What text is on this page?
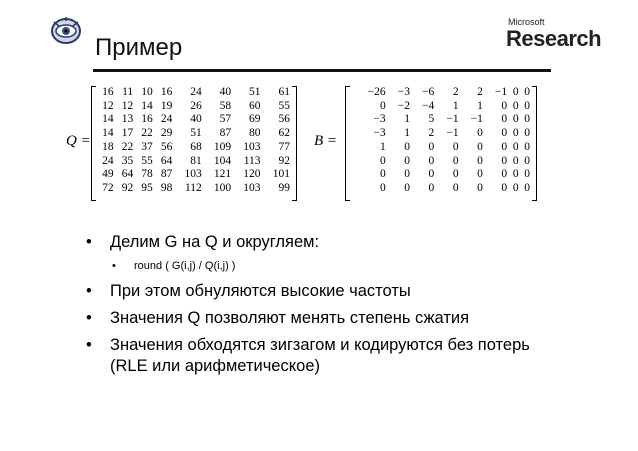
Пример
Microsoft
Research
Q =
16	11	10	16	24	40	51	61
12	12	14	19	26	58	60	55
14	13	16	24	40	57	69	56
14	17	22	29	51	87	80	62
18	22	37	56	68	109	103	77
24	35	55	64	81	104	113	92
49	64	78	87	103	121	120	101
72	92	95	98	112	100	103	99
B =
−26	−3	−6	2	2	−1	0	0
0	−2	−4	1	1	0	0	0
−3	1	5	−1	−1	0	0	0
−3	1	2	−1	0	0	0	0
1	0	0	0	0	0	0	0
0	0	0	0	0	0	0	0
0	0	0	0	0	0	0	0
0	0	0	0	0	0	0	0
• Делим G на Q и округляем:
• round ( G(i,j) / Q(i,j) )
• При этом обнуляются высокие частоты
• Значения Q позволяют менять степень сжатия
• Значения обходятся зигзагом и кодируются без потерь (RLE или арифметическое)
